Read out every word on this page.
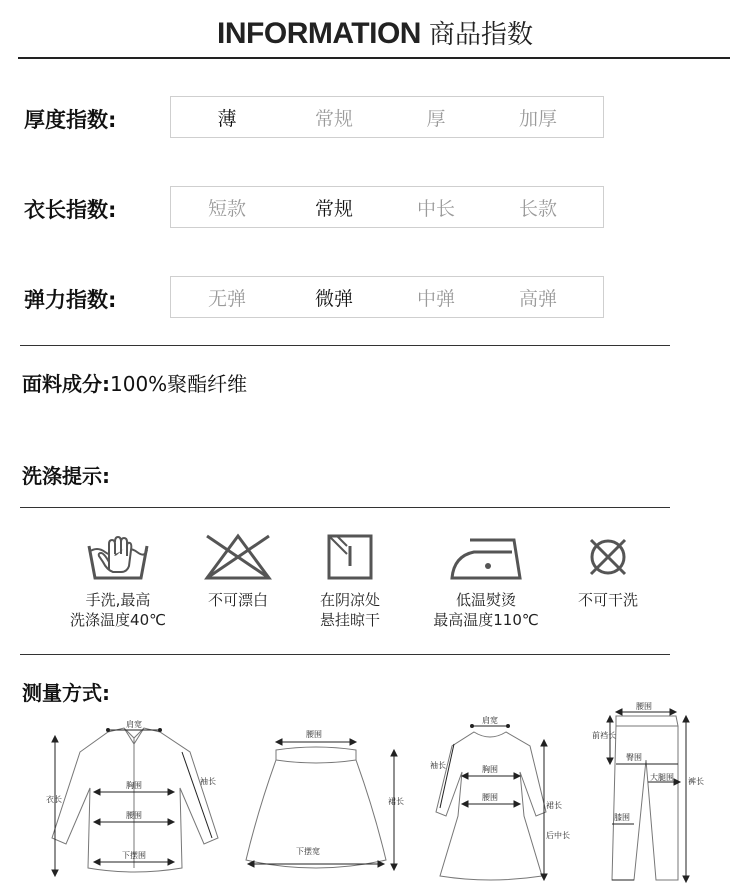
INFORMATION 商品指数
厚度指数:	薄	常规	厚	加厚
衣长指数:	短款	常规	中长	长款
弹力指数:	无弹	微弹	中弹	高弹
面料成分:100%聚酯纤维
洗涤提示:
手洗,最高
洗涤温度40℃
不可漂白	在阴凉处
悬挂晾干
低温熨烫
最高温度110℃
不可干洗
测量方式:
肩宽
衣长
袖长
胸围
腰围
下摆围
腰围
裙长
下摆宽
肩宽
袖长	胸围
腰围
裙长
后中长
腰围
前裆长
臀围
大腿围
膝围
裤长
